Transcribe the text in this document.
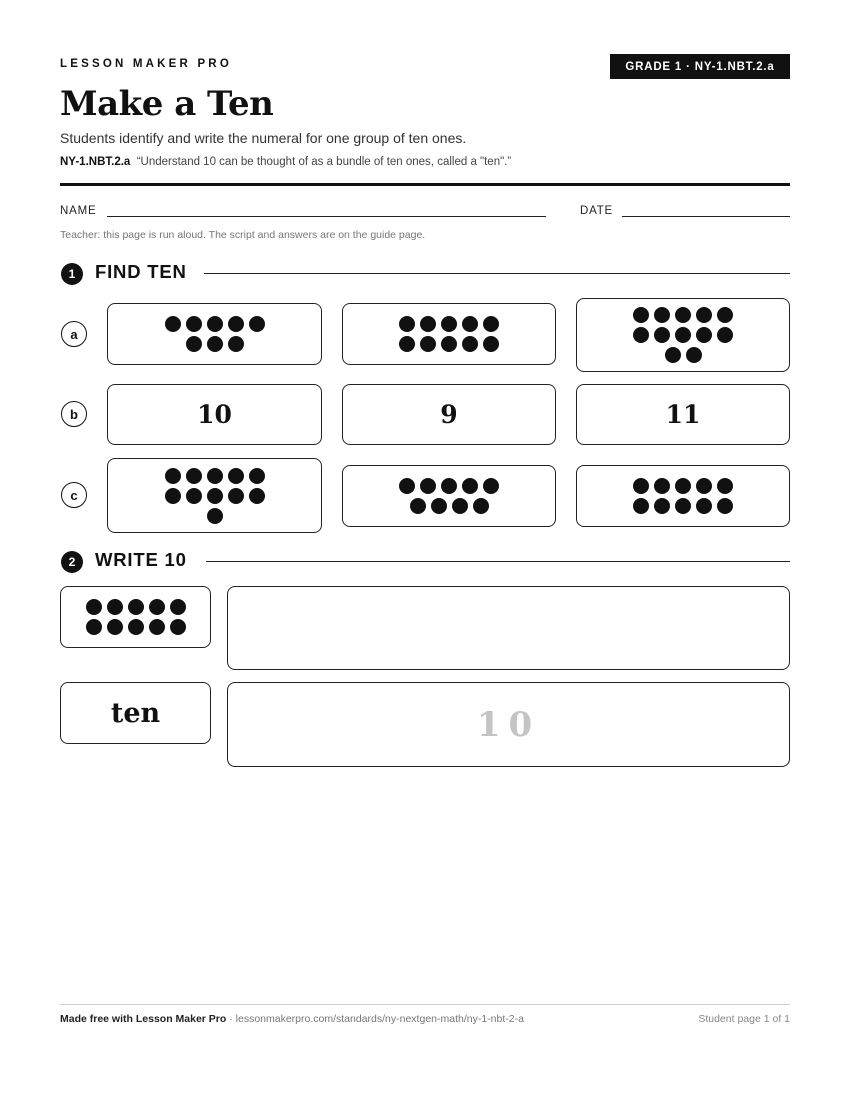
LESSON MAKER PRO	GRADE 1 · NY-1.NBT.2.a
Make a Ten
Students identify and write the numeral for one group of ten ones.
NY-1.NBT.2.a “Understand 10 can be thought of as a bundle of ten ones, called a "ten".”
NAME	DATE
Teacher: this page is run aloud. The script and answers are on the guide page.
1	FIND TEN
a
b	10	9	11
c
2	WRITE 10
ten	10
Made free with Lesson Maker Pro · lessonmakerpro.com/standards/ny-nextgen-math/ny-1-nbt-2-a	Student page 1 of 1
